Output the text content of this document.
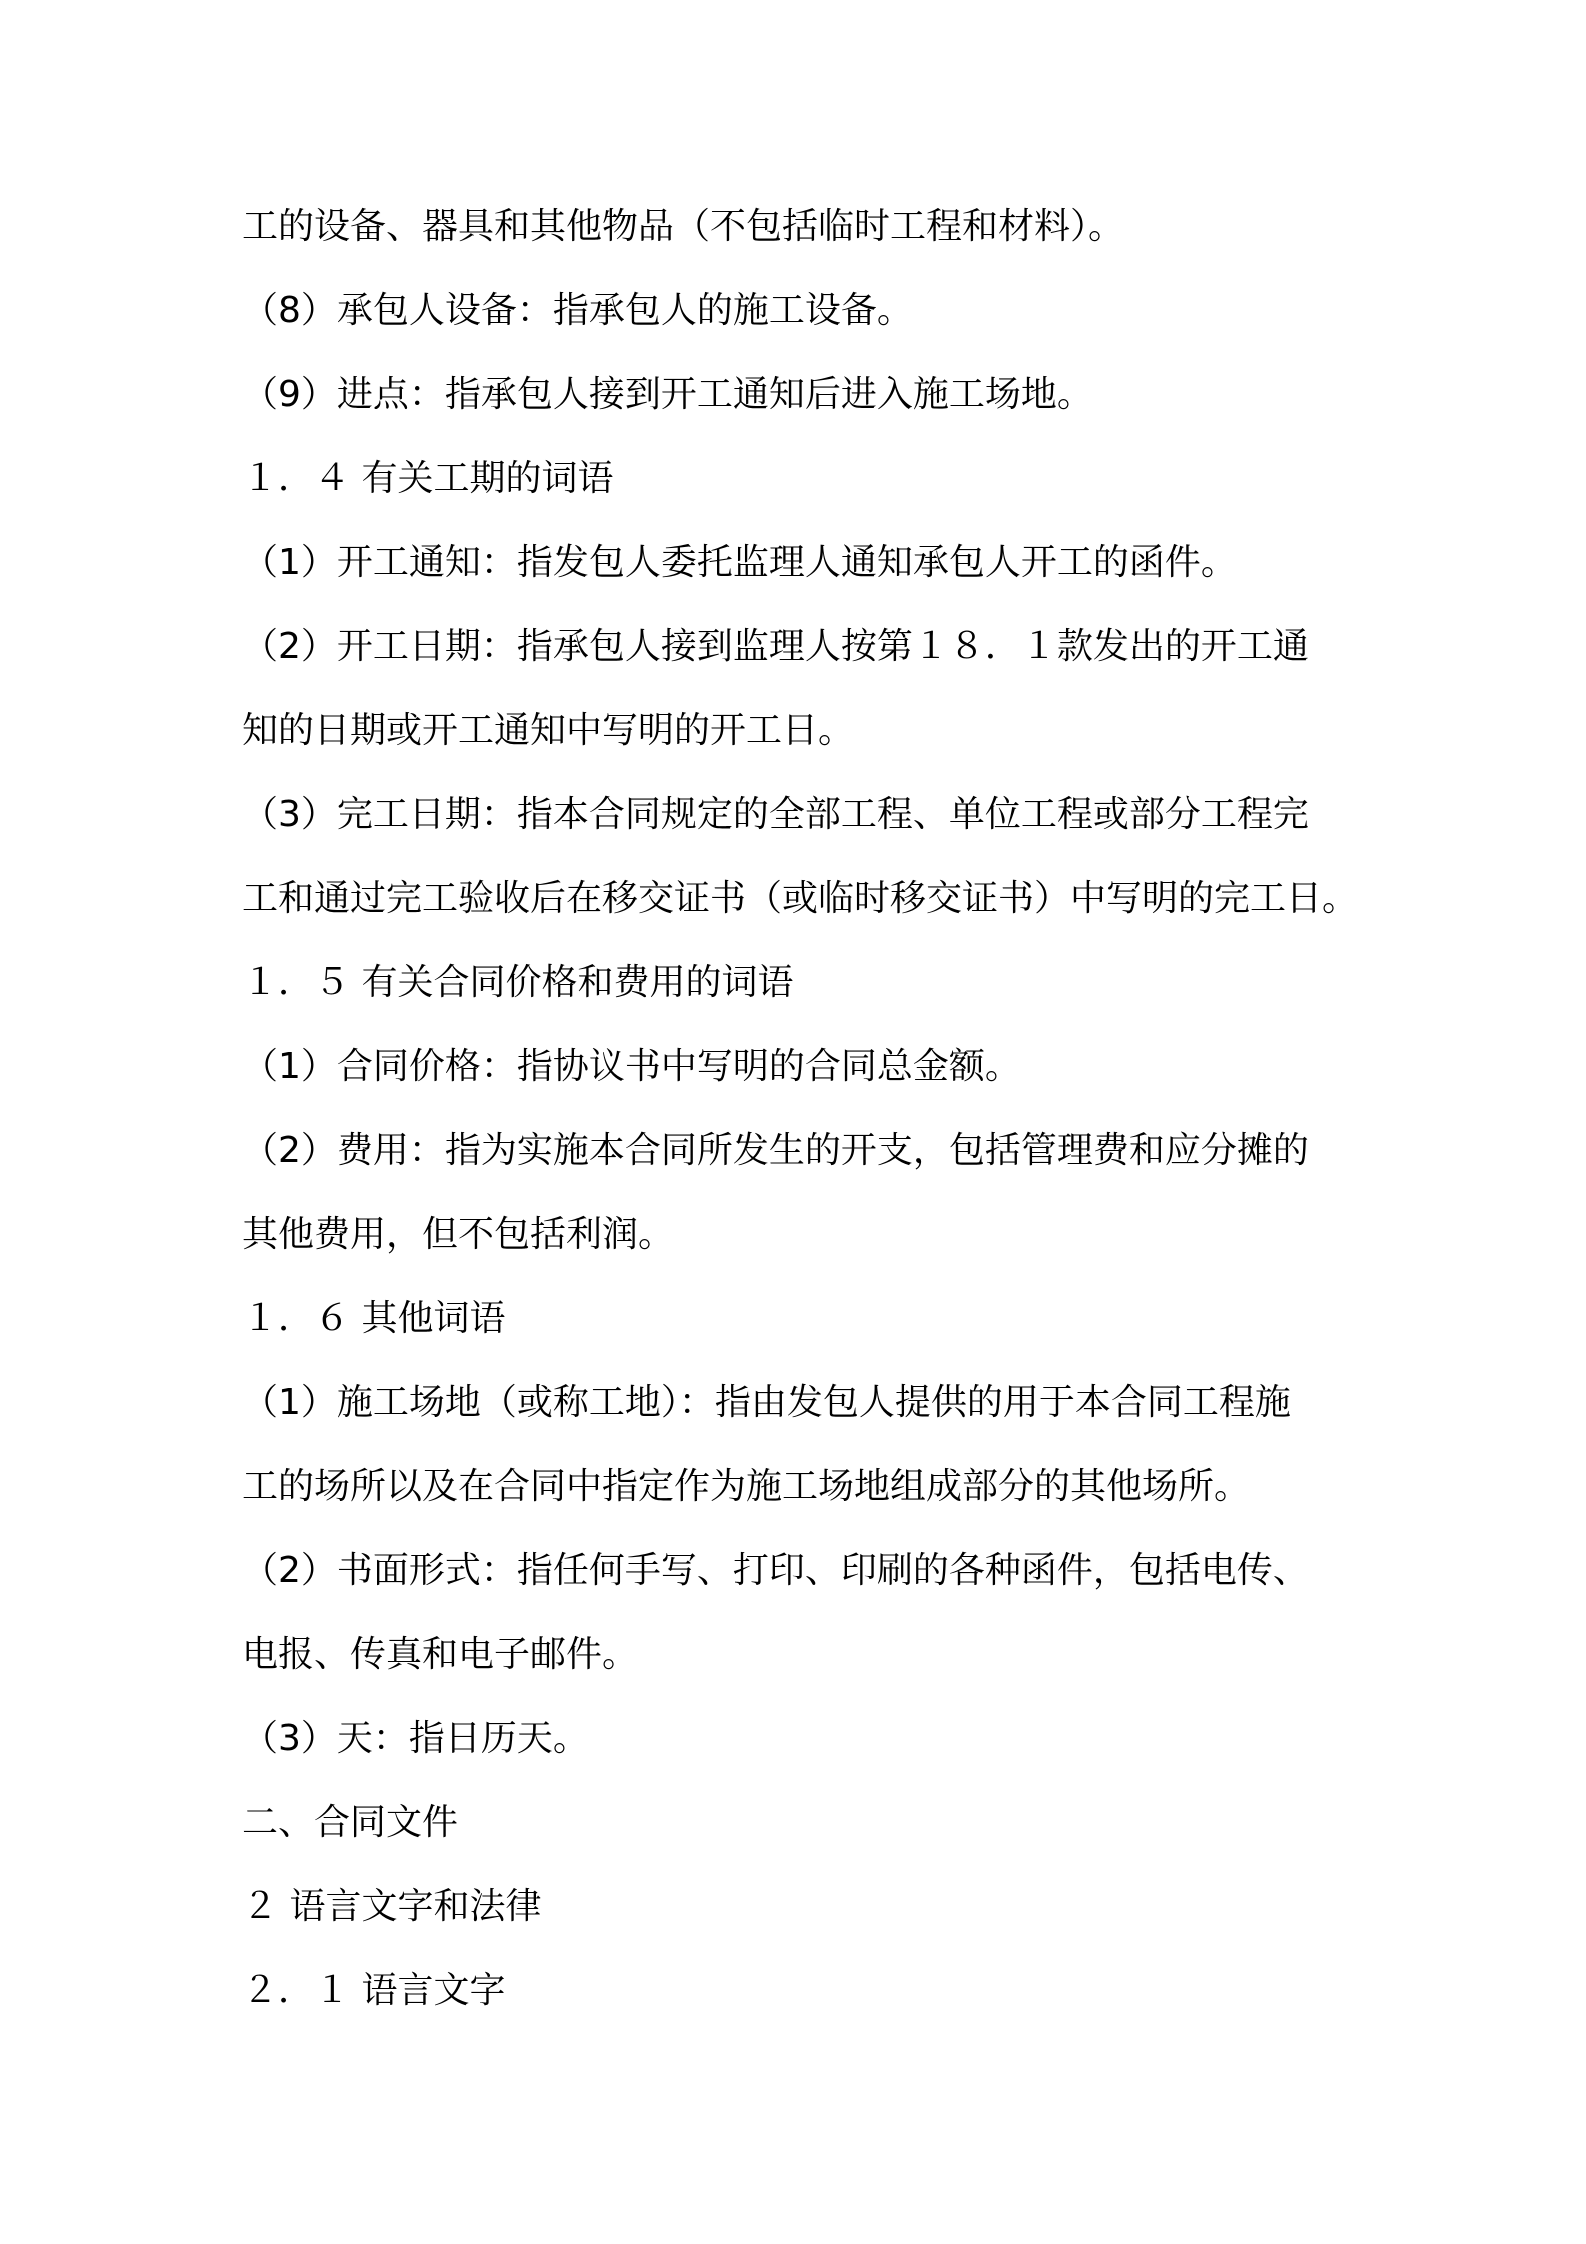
工的设备、器具和其他物品（不包括临时工程和材料）。
（8）承包人设备：指承包人的施工设备。
（9）进点：指承包人接到开工通知后进入施工场地。
１．４ 有关工期的词语
（1）开工通知：指发包人委托监理人通知承包人开工的函件。
（2）开工日期：指承包人接到监理人按第１８．１款发出的开工通
知的日期或开工通知中写明的开工日。
（3）完工日期：指本合同规定的全部工程、单位工程或部分工程完
工和通过完工验收后在移交证书（或临时移交证书）中写明的完工日。
１．５ 有关合同价格和费用的词语
（1）合同价格：指协议书中写明的合同总金额。
（2）费用：指为实施本合同所发生的开支，包括管理费和应分摊的
其他费用，但不包括利润。
１．６ 其他词语
（1）施工场地（或称工地）：指由发包人提供的用于本合同工程施
工的场所以及在合同中指定作为施工场地组成部分的其他场所。
（2）书面形式：指任何手写、打印、印刷的各种函件，包括电传、
电报、传真和电子邮件。
（3）天：指日历天。
二、合同文件
２ 语言文字和法律
２．１ 语言文字
